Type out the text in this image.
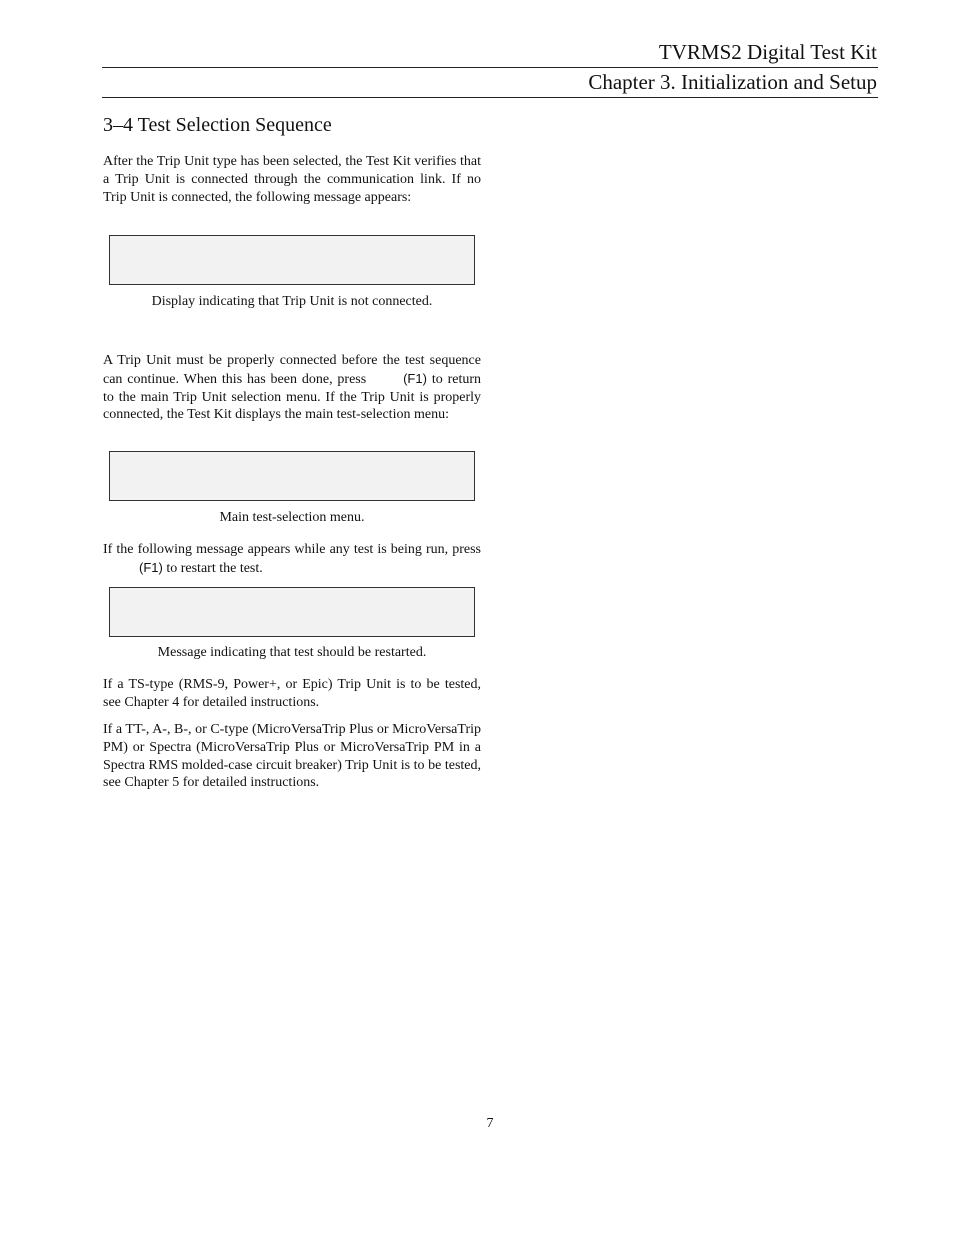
TVRMS2 Digital Test Kit
Chapter 3. Initialization and Setup
3–4 Test Selection Sequence

After the Trip Unit type has been selected, the Test Kit verifies that a Trip Unit is connected through the communication link. If no Trip Unit is connected, the following message appears:

Display indicating that Trip Unit is not connected.

A Trip Unit must be properly connected before the test sequence can continue. When this has been done, press	(F1) to return to the main Trip Unit selection menu. If the Trip Unit is properly connected, the Test Kit displays the main test-selection menu:

Main test-selection menu.

If the following message appears while any test is being run, press (F1) to restart the test.

Message indicating that test should be restarted.

If a TS-type (RMS-9, Power+, or Epic) Trip Unit is to be tested, see Chapter 4 for detailed instructions.

If a TT-, A-, B-, or C-type (MicroVersaTrip Plus or MicroVersaTrip PM) or Spectra (MicroVersaTrip Plus or MicroVersaTrip PM in a Spectra RMS molded-case circuit breaker) Trip Unit is to be tested, see Chapter 5 for detailed instructions.

7
